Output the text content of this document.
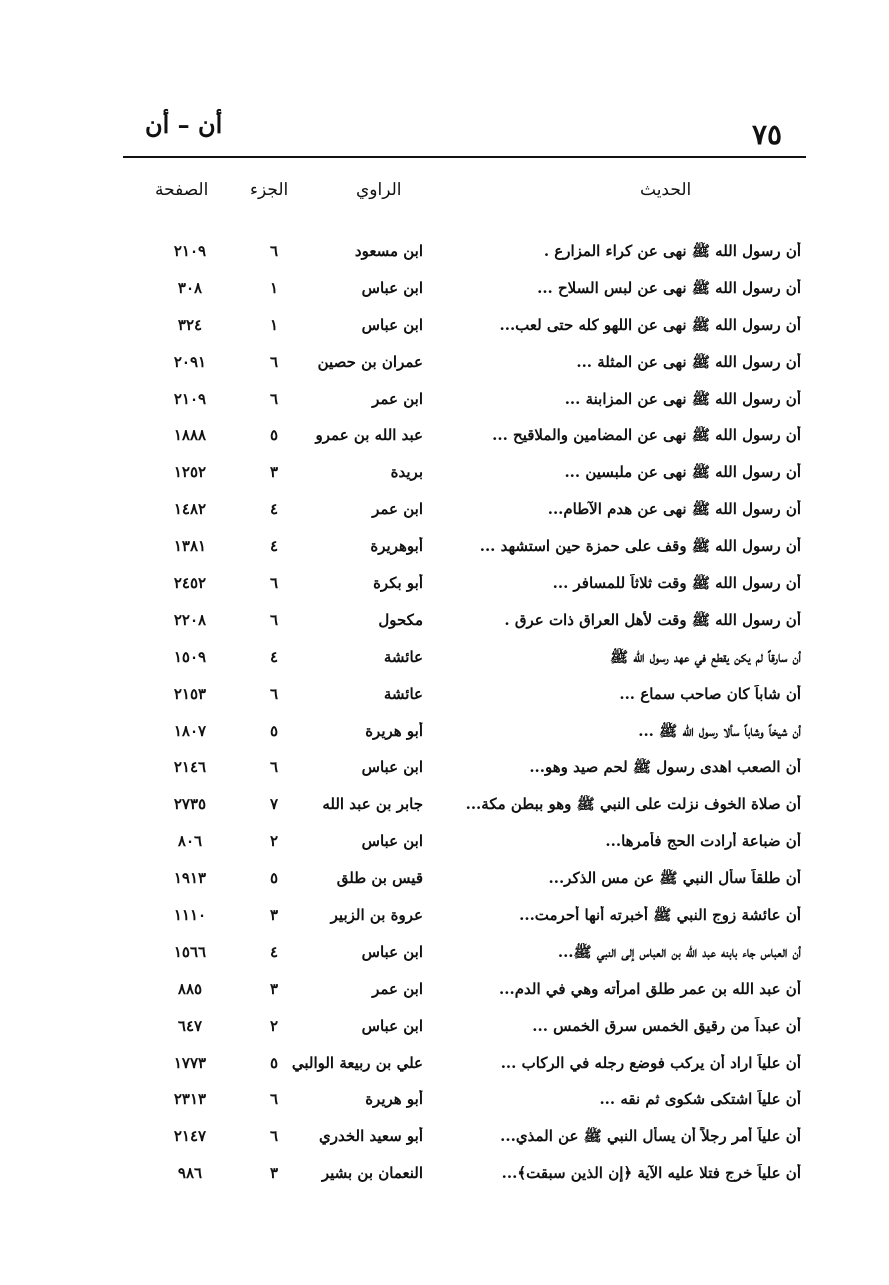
٧٥
أن – أن
الحديث
الراوي
الجزء
الصفحة
أن رسول الله ﷺ نهى عن كراء المزارع .
ابن مسعود
٦
٢١٠٩
أن رسول الله ﷺ نهى عن لبس السلاح ...
ابن عباس
١
٣٠٨
أن رسول الله ﷺ نهى عن اللهو كله حتى لعب...
ابن عباس
١
٣٢٤
أن رسول الله ﷺ نهى عن المثلة ...
عمران بن حصين
٦
٢٠٩١
أن رسول الله ﷺ نهى عن المزابنة ...
ابن عمر
٦
٢١٠٩
أن رسول الله ﷺ نهى عن المضامين والملاقيح ...
عبد الله بن عمرو
٥
١٨٨٨
أن رسول الله ﷺ نهى عن ملبسين ...
بريدة
٣
١٢٥٢
أن رسول الله ﷺ نهى عن هدم الآطام...
ابن عمر
٤
١٤٨٢
أن رسول الله ﷺ وقف على حمزة حين استشهد ...
أبوهريرة
٤
١٣٨١
أن رسول الله ﷺ وقت ثلاثاً للمسافر ...
أبو بكرة
٦
٢٤٥٢
أن رسول الله ﷺ وقت لأهل العراق ذات عرق .
مكحول
٦
٢٢٠٨
أن سارقاً لم يكن يقطع في عهد رسول الله ﷺ
عائشة
٤
١٥٠٩
أن شاباً كان صاحب سماع ...
عائشة
٦
٢١٥٣
أن شيخاً وشاباً سألا رسول الله ﷺ ...
أبو هريرة
٥
١٨٠٧
أن الصعب اهدى رسول ﷺ لحم صيد وهو...
ابن عباس
٦
٢١٤٦
أن صلاة الخوف نزلت على النبي ﷺ وهو ببطن مكة...
جابر بن عبد الله
٧
٢٧٣٥
أن ضباعة أرادت الحج فأمرها...
ابن عباس
٢
٨٠٦
أن طلقاً سأل النبي ﷺ عن مس الذكر...
قيس بن طلق
٥
١٩١٣
أن عائشة زوج النبي ﷺ أخبرته أنها أحرمت...
عروة بن الزبير
٣
١١١٠
أن العباس جاء بابنه عبد الله بن العباس إلى النبي ﷺ...
ابن عباس
٤
١٥٦٦
أن عبد الله بن عمر طلق امرأته وهي في الدم...
ابن عمر
٣
٨٨٥
أن عبداً من رقيق الخمس سرق الخمس ...
ابن عباس
٢
٦٤٧
أن علياً اراد أن يركب فوضع رجله في الركاب ...
علي بن ربيعة الوالبي
٥
١٧٧٣
أن علياً اشتكى شكوى ثم نقه ...
أبو هريرة
٦
٢٣١٣
أن علياً أمر رجلاً أن يسأل النبي ﷺ عن المذي...
أبو سعيد الخدري
٦
٢١٤٧
أن علياً خرج فتلا عليه الآية ﴿إن الذين سبقت﴾...
النعمان بن بشير
٣
٩٨٦
